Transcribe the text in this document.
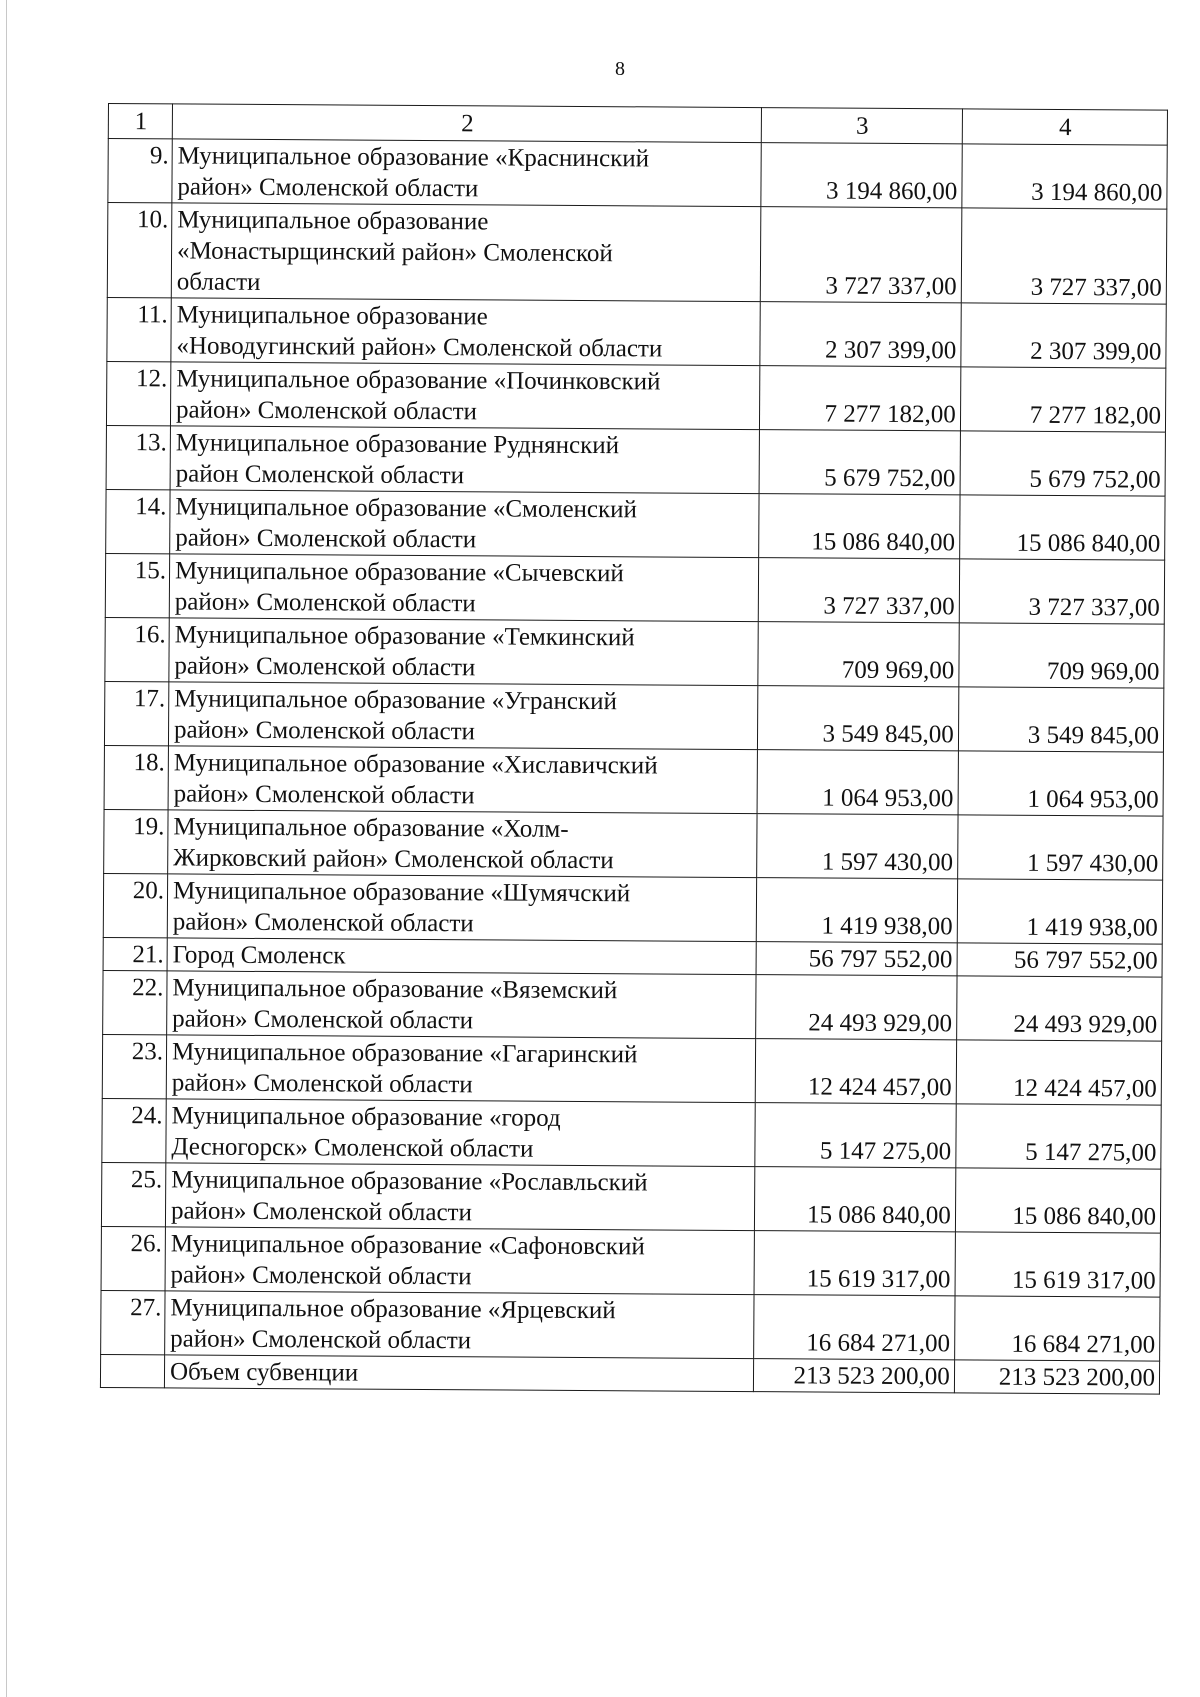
8
1	2	3	4
9.	Муниципальное образование «Краснинский
район» Смоленской области	3 194 860,00	3 194 860,00
10.	Муниципальное образование
«Монастырщинский район» Смоленской
области	3 727 337,00	3 727 337,00
11.	Муниципальное образование
«Новодугинский район» Смоленской области	2 307 399,00	2 307 399,00
12.	Муниципальное образование «Починковский
район» Смоленской области	7 277 182,00	7 277 182,00
13.	Муниципальное образование Руднянский
район Смоленской области	5 679 752,00	5 679 752,00
14.	Муниципальное образование «Смоленский
район» Смоленской области	15 086 840,00	15 086 840,00
15.	Муниципальное образование «Сычевский
район» Смоленской области	3 727 337,00	3 727 337,00
16.	Муниципальное образование «Темкинский
район» Смоленской области	709 969,00	709 969,00
17.	Муниципальное образование «Угранский
район» Смоленской области	3 549 845,00	3 549 845,00
18.	Муниципальное образование «Хиславичский
район» Смоленской области	1 064 953,00	1 064 953,00
19.	Муниципальное образование «Холм-
Жирковский район» Смоленской области	1 597 430,00	1 597 430,00
20.	Муниципальное образование «Шумячский
район» Смоленской области	1 419 938,00	1 419 938,00
21.	Город Смоленск	56 797 552,00	56 797 552,00
22.	Муниципальное образование «Вяземский
район» Смоленской области	24 493 929,00	24 493 929,00
23.	Муниципальное образование «Гагаринский
район» Смоленской области	12 424 457,00	12 424 457,00
24.	Муниципальное образование «город
Десногорск» Смоленской области	5 147 275,00	5 147 275,00
25.	Муниципальное образование «Рославльский
район» Смоленской области	15 086 840,00	15 086 840,00
26.	Муниципальное образование «Сафоновский
район» Смоленской области	15 619 317,00	15 619 317,00
27.	Муниципальное образование «Ярцевский
район» Смоленской области	16 684 271,00	16 684 271,00

	Объем субвенции	213 523 200,00	213 523 200,00
